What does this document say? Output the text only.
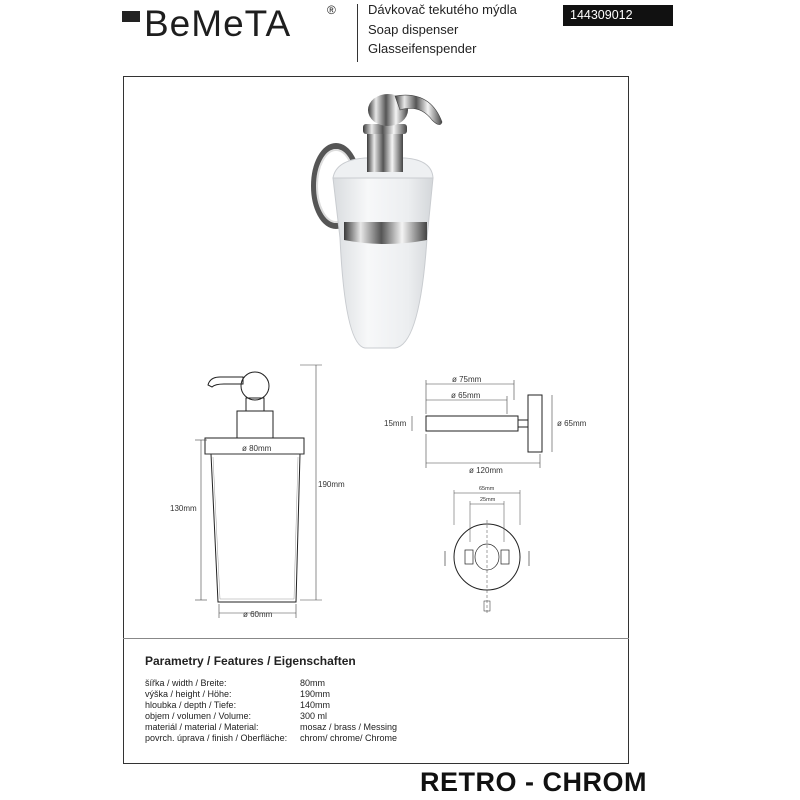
BeMeTA	® Dávkovač tekutého mýdla
Soap dispenser
Glasseifenspender
144309012
ø 80mm
ø 60mm
190mm
130mm
ø 75mm
ø 65mm
15mm	ø 65mm
ø 120mm
65mm
25mm
Parametry / Features / Eigenschaften
šířka / width / Breite:	80mm
výška / height / Höhe:	190mm
hloubka / depth / Tiefe:	140mm
objem / volumen / Volume:	300 ml
materiál / material / Material:	mosaz / brass / Messing
povrch. úprava / finish / Oberfläche: chrom/ chrome/ Chrome
RETRO - CHROM
